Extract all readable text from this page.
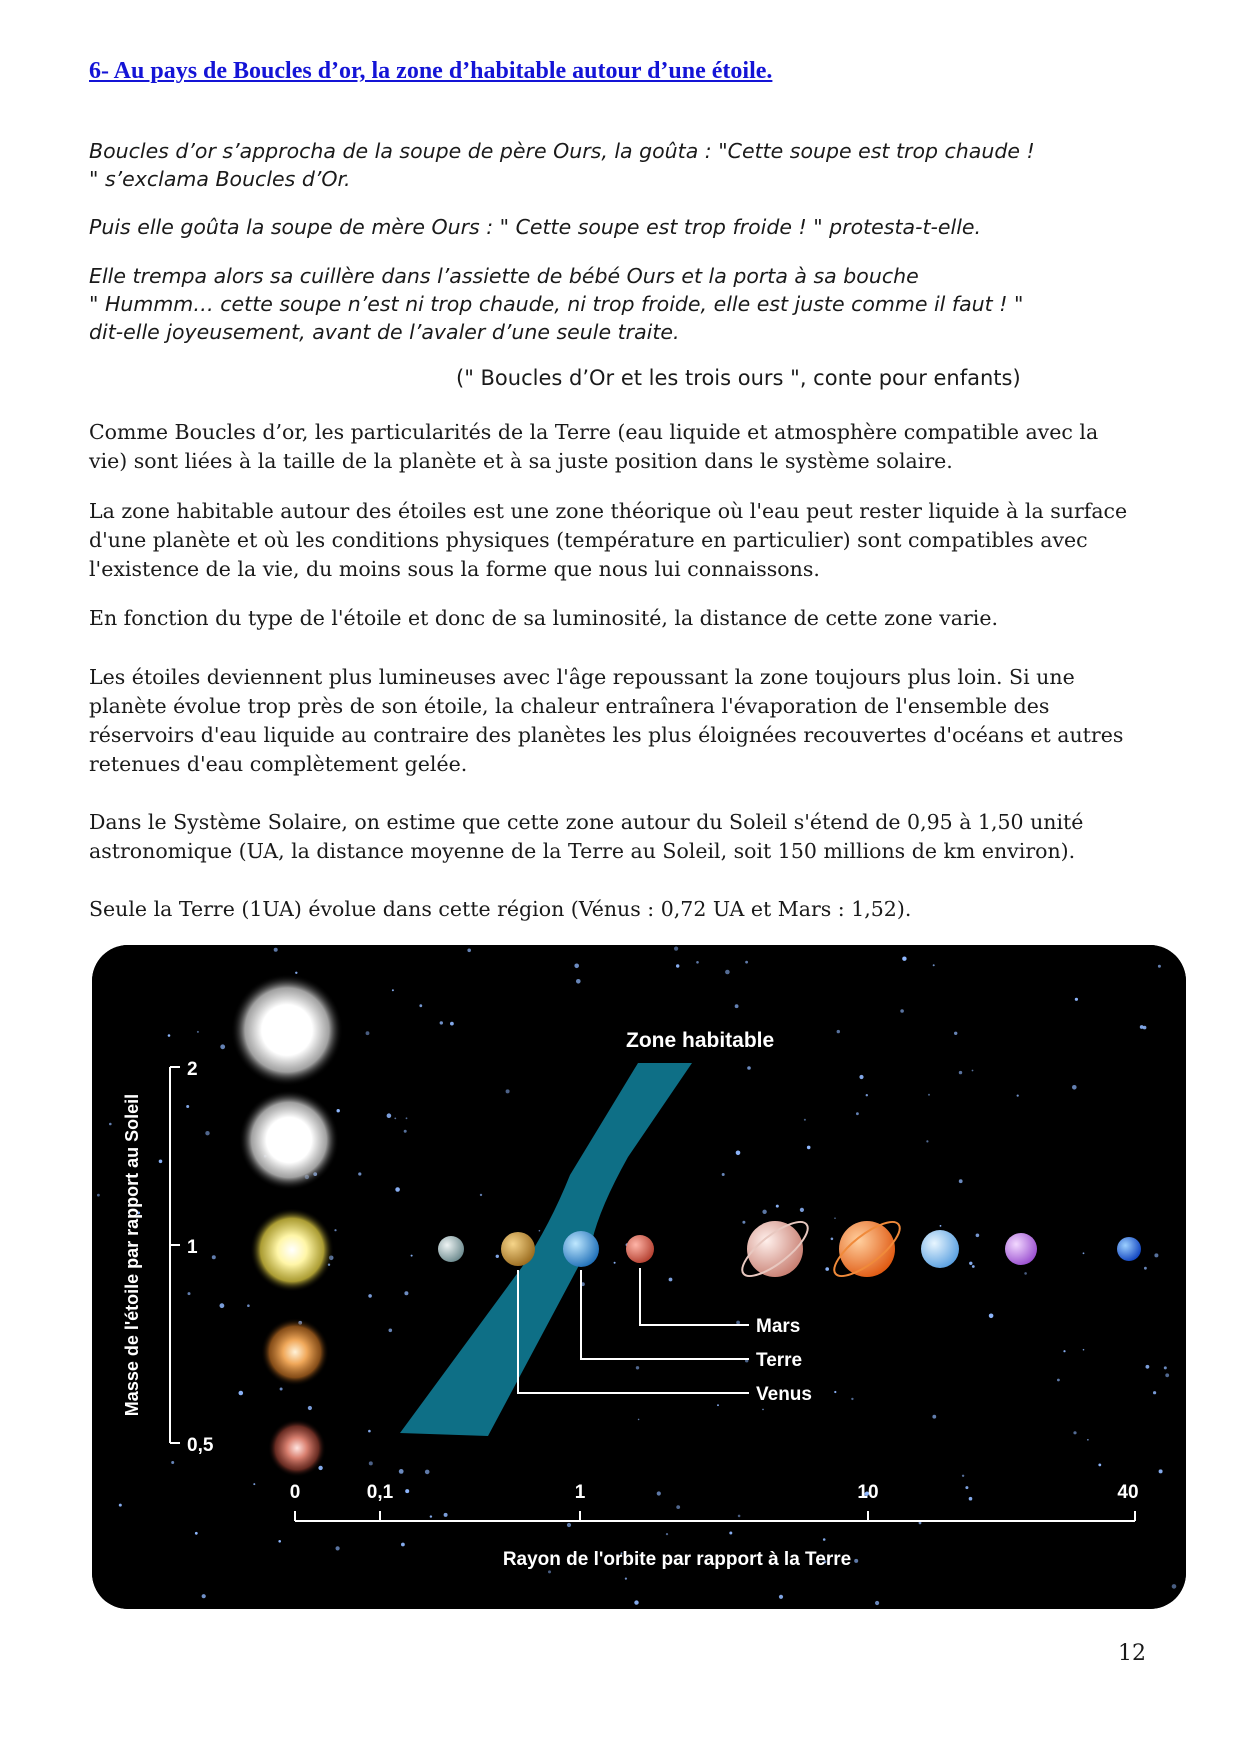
6- Au pays de Boucles d’or, la zone d’habitable autour d’une étoile.

Boucles d’or s’approcha de la soupe de père Ours, la goûta : "Cette soupe est trop chaude !
" s’exclama Boucles d’Or.

Puis elle goûta la soupe de mère Ours : " Cette soupe est trop froide ! " protesta-t-elle.

Elle trempa alors sa cuillère dans l’assiette de bébé Ours et la porta à sa bouche
" Hummm… cette soupe n’est ni trop chaude, ni trop froide, elle est juste comme il faut ! "
dit-elle joyeusement, avant de l’avaler d’une seule traite.

(" Boucles d’Or et les trois ours ", conte pour enfants)

Comme Boucles d’or, les particularités de la Terre (eau liquide et atmosphère compatible avec la
vie) sont liées à la taille de la planète et à sa juste position dans le système solaire.

La zone habitable autour des étoiles est une zone théorique où l'eau peut rester liquide à la surface
d'une planète et où les conditions physiques (température en particulier) sont compatibles avec
l'existence de la vie, du moins sous la forme que nous lui connaissons.

En fonction du type de l'étoile et donc de sa luminosité, la distance de cette zone varie.

Les étoiles deviennent plus lumineuses avec l'âge repoussant la zone toujours plus loin. Si une
planète évolue trop près de son étoile, la chaleur entraînera l'évaporation de l'ensemble des
réservoirs d'eau liquide au contraire des planètes les plus éloignées recouvertes d'océans et autres
retenues d'eau complètement gelée.

Dans le Système Solaire, on estime que cette zone autour du Soleil s'étend de 0,95 à 1,50 unité
astronomique (UA, la distance moyenne de la Terre au Soleil, soit 150 millions de km environ).

Seule la Terre (1UA) évolue dans cette région (Vénus : 0,72 UA et Mars : 1,52).

Zone habitable
2
1
0,5
Masse de l'étoile par rapport au Soleil	Mars
Terre
Venus
0	0,1	1	10	40
Rayon de l'orbite par rapport à la Terre
12
